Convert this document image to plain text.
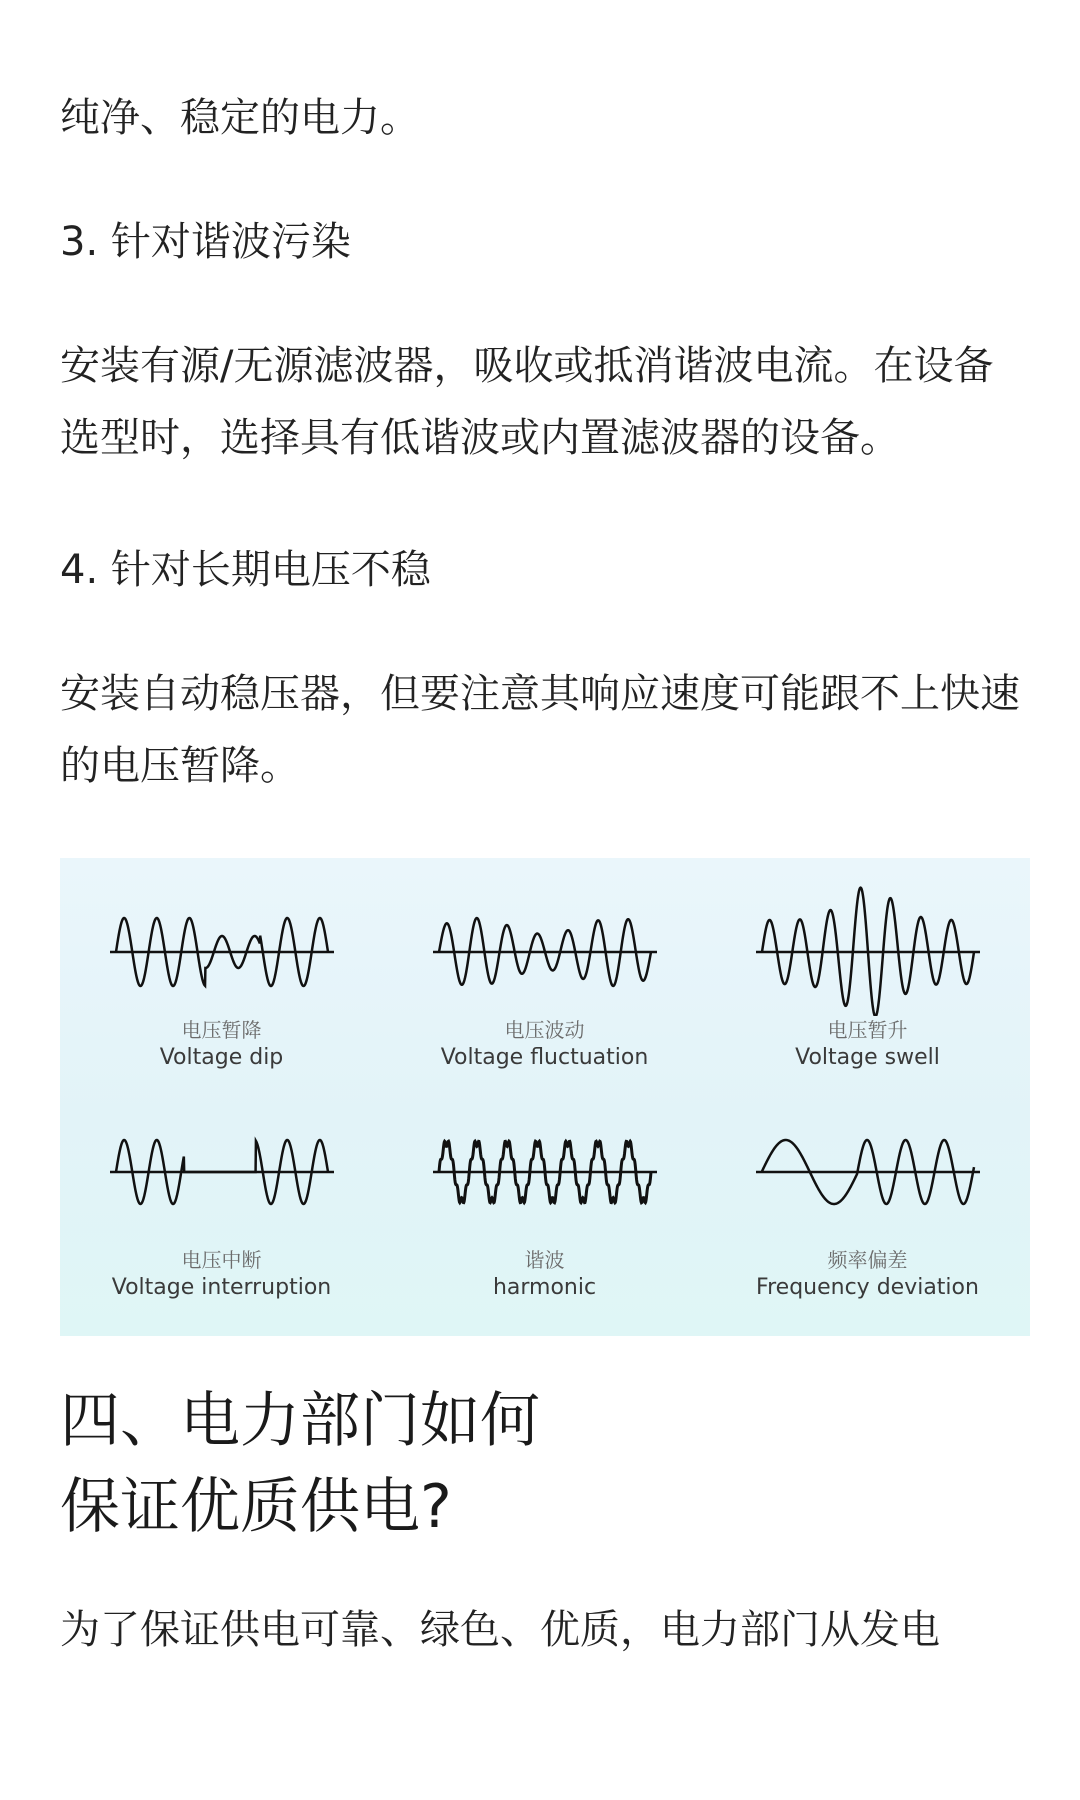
纯净、稳定的电力。

3. 针对谐波污染

安装有源/无源滤波器，吸收或抵消谐波电流。在设备选型时，选择具有低谐波或内置滤波器的设备。

4. 针对长期电压不稳

安装自动稳压器，但要注意其响应速度可能跟不上快速的电压暂降。

电压暂降
Voltage dip
电压波动
Voltage fluctuation
电压暂升
Voltage swell
电压中断
Voltage interruption
谐波
harmonic
频率偏差
Frequency deviation
四、电力部门如何
保证优质供电?

为了保证供电可靠、绿色、优质，电力部门从发电
